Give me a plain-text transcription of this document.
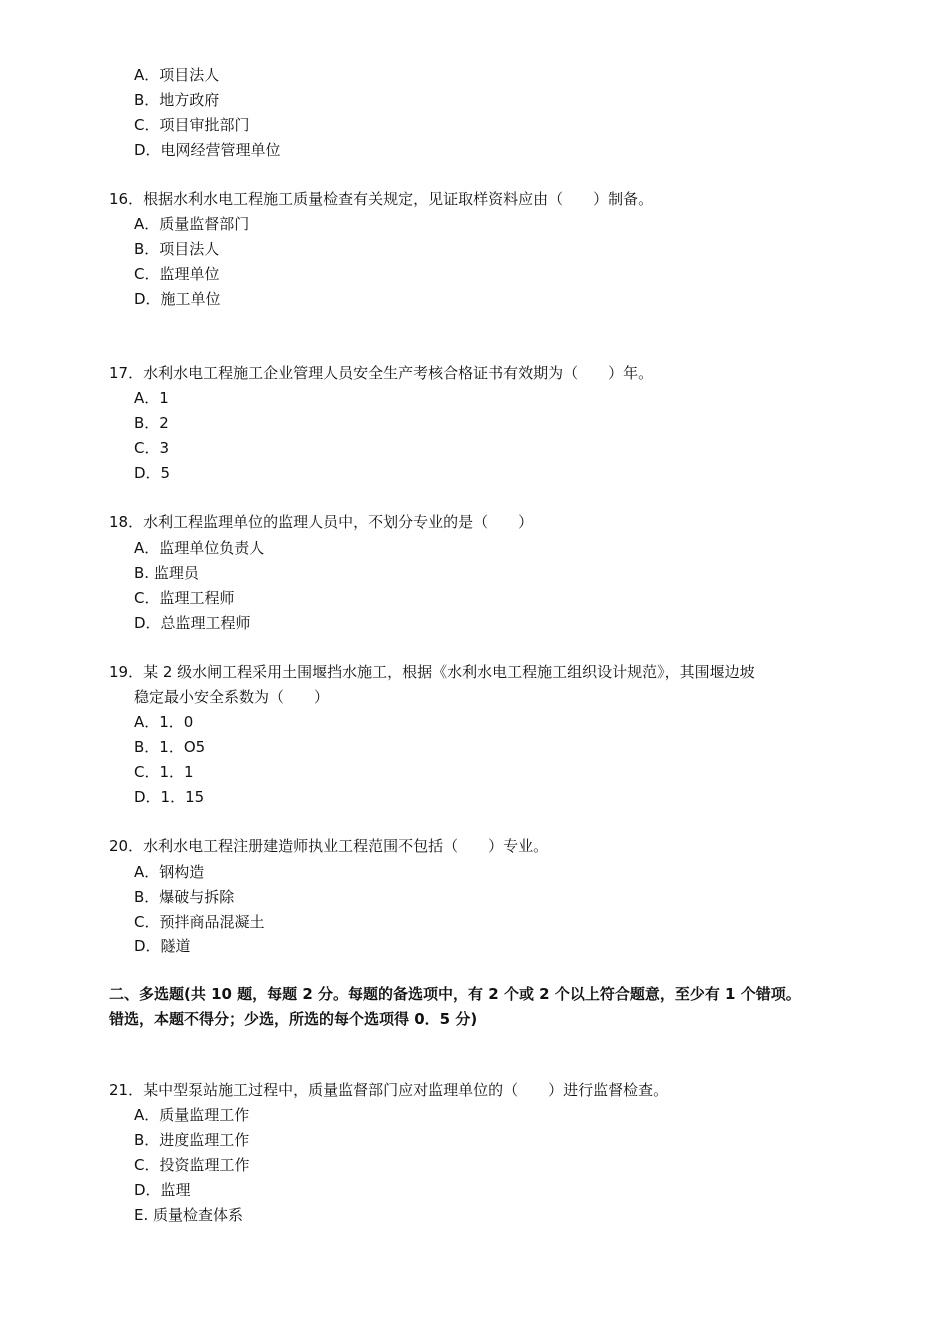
A．项目法人
B．地方政府
C．项目审批部门
D．电网经营管理单位
16．根据水利水电工程施工质量检查有关规定，见证取样资料应由（　　）制备。
A．质量监督部门
B．项目法人
C．监理单位
D．施工单位
17．水利水电工程施工企业管理人员安全生产考核合格证书有效期为（　　）年。
A．1
B．2
C．3
D．5
18．水利工程监理单位的监理人员中，不划分专业的是（　　）
A．监理单位负责人
B. 监理员
C．监理工程师
D．总监理工程师
19．某 2 级水闸工程采用土围堰挡水施工，根据《水利水电工程施工组织设计规范》，其围堰边坡
稳定最小安全系数为（　　）
A．1．0
B．1．O5
C．1．1
D．1．15
20．水利水电工程注册建造师执业工程范围不包括（　　）专业。
A．钢构造
B．爆破与拆除
C．预拌商品混凝土
D．隧道
二、多选题(共 10 题，每题 2 分。每题的备选项中，有 2 个或 2 个以上符合题意，至少有 1 个错项。
错选，本题不得分；少选，所选的每个选项得 0．5 分)
21．某中型泵站施工过程中，质量监督部门应对监理单位的（　　）进行监督检查。
A．质量监理工作
B．进度监理工作
C．投资监理工作
D．监理
E. 质量检查体系
